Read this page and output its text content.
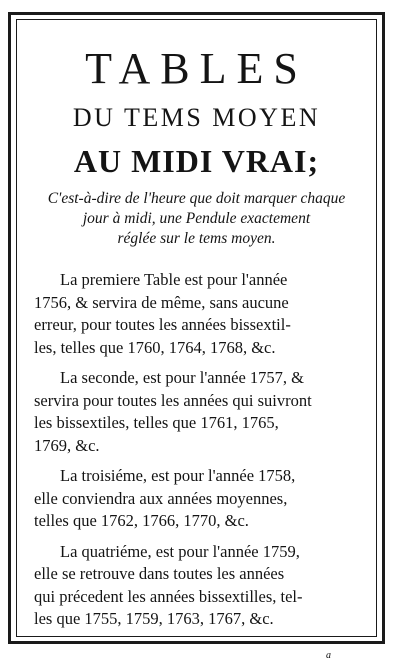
TABLES
DU TEMS MOYEN
AU MIDI VRAI;
C'est-à-dire de l'heure que doit marquer chaque
jour à midi, une Pendule exactement
réglée sur le tems moyen.
La premiere Table est pour l'année
1756, & servira de même, sans aucune
erreur, pour toutes les années bissextil-
les, telles que 1760, 1764, 1768, &c.
La seconde, est pour l'année 1757, &
servira pour toutes les années qui suivront
les bissextiles, telles que 1761, 1765,
1769, &c.
La troisiéme, est pour l'année 1758,
elle conviendra aux années moyennes,
telles que 1762, 1766, 1770, &c.
La quatriéme, est pour l'année 1759,
elle se retrouve dans toutes les années
qui précedent les années bissextilles, tel-
les que 1755, 1759, 1763, 1767, &c.
a
